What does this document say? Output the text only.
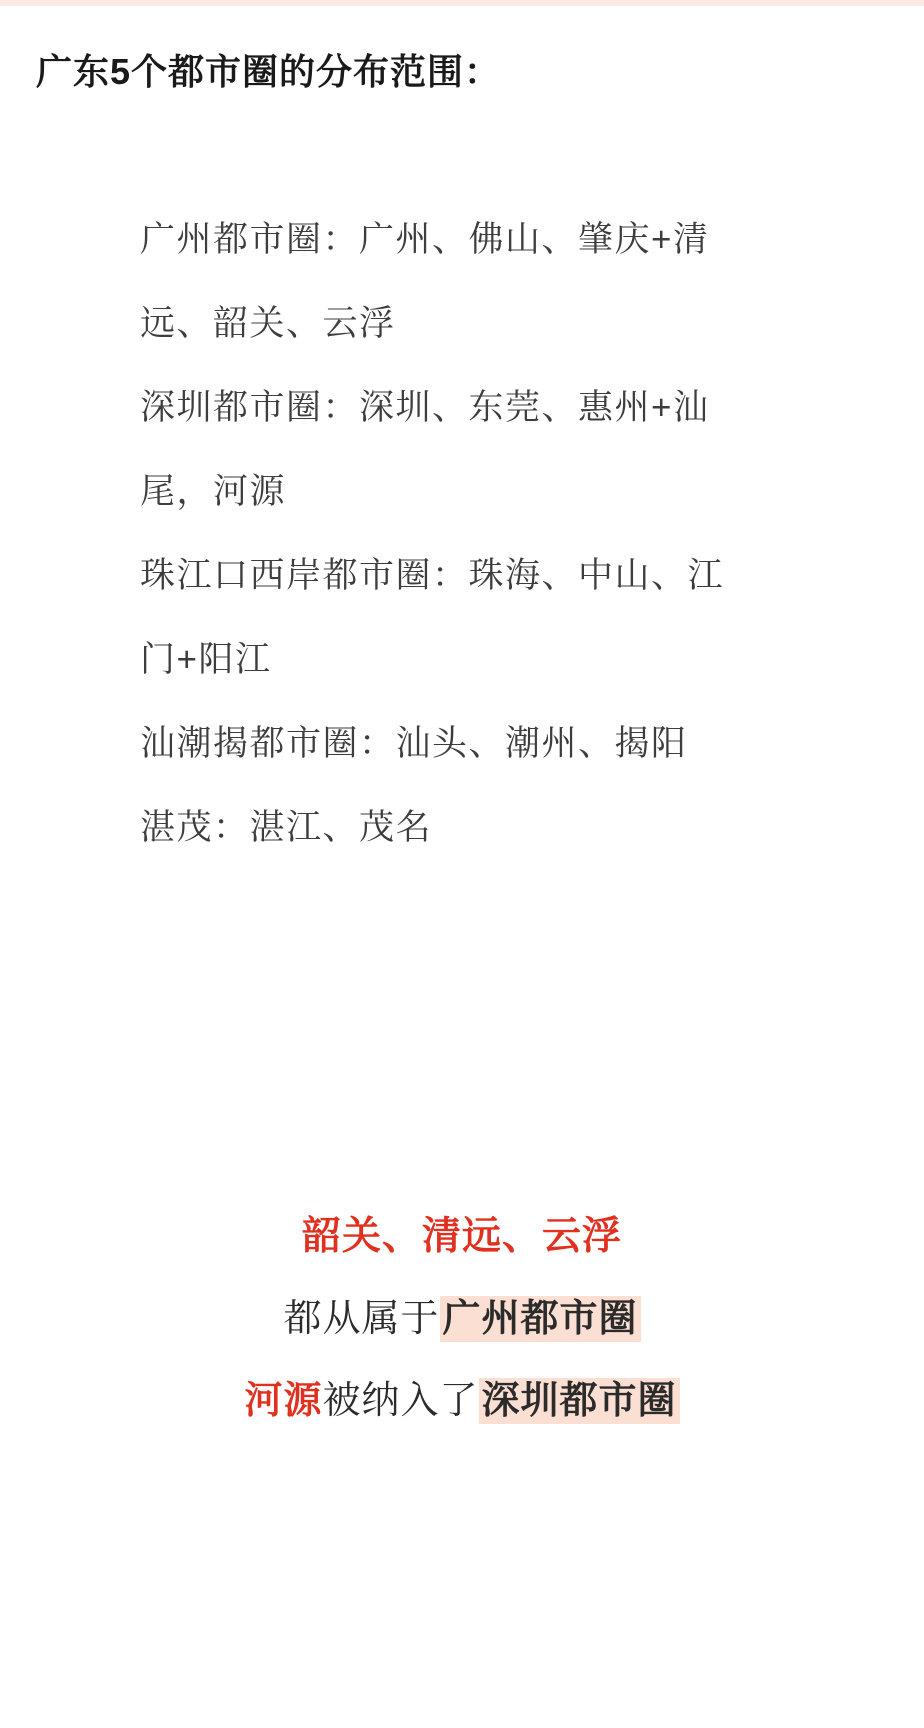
广东5个都市圈的分布范围：
广州都市圈：广州、佛山、肇庆+清远、韶关、云浮
深圳都市圈：深圳、东莞、惠州+汕尾，河源
珠江口西岸都市圈：珠海、中山、江门+阳江
汕潮揭都市圈：汕头、潮州、揭阳
湛茂：湛江、茂名
韶关、清远、云浮
都从属于广州都市圈
河源被纳入了深圳都市圈
